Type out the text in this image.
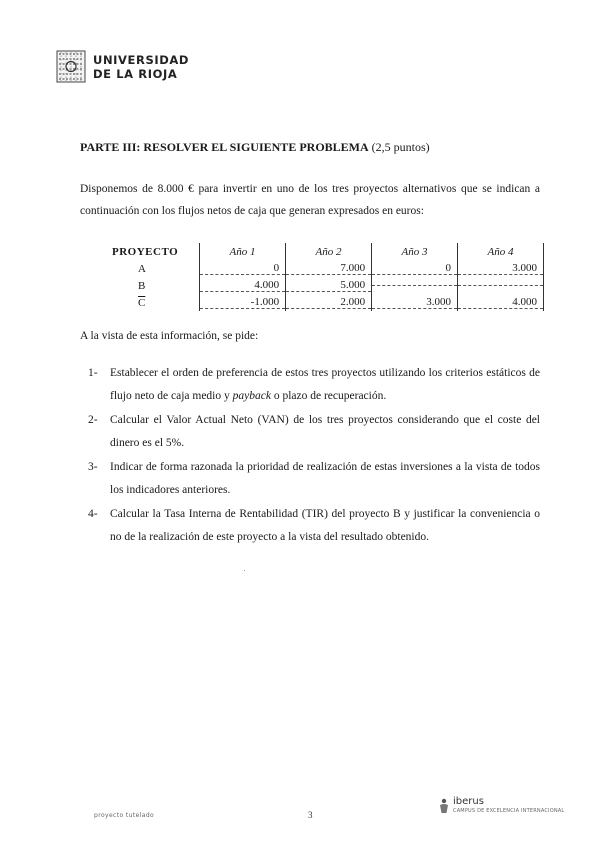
UNIVERSIDAD
DE LA RIOJA
PARTE III: RESOLVER EL SIGUIENTE PROBLEMA (2,5 puntos)
Disponemos de 8.000 € para invertir en uno de los tres proyectos alternativos que se indican a continuación con los flujos netos de caja que generan expresados en euros:
PROYECTO	Año 1	Año 2	Año 3	Año 4
A	0	7.000	0	3.000
B	4.000	5.000
$\overline{C}$	-1.000	2.000	3.000	4.000
A la vista de esta información, se pide:
1-	Establecer el orden de preferencia de estos tres proyectos utilizando los criterios estáticos de flujo neto de caja medio y payback o plazo de recuperación.
2-	Calcular el Valor Actual Neto (VAN) de los tres proyectos considerando que el coste del dinero es el 5%.
3-	Indicar de forma razonada la prioridad de realización de estas inversiones a la vista de todos los indicadores anteriores.
4-	Calcular la Tasa Interna de Rentabilidad (TIR) del proyecto B y justificar la conveniencia o no de la realización de este proyecto a la vista del resultado obtenido.
proyecto tutelado	3
iberus
CAMPUS DE EXCELENCIA INTERNACIONAL
